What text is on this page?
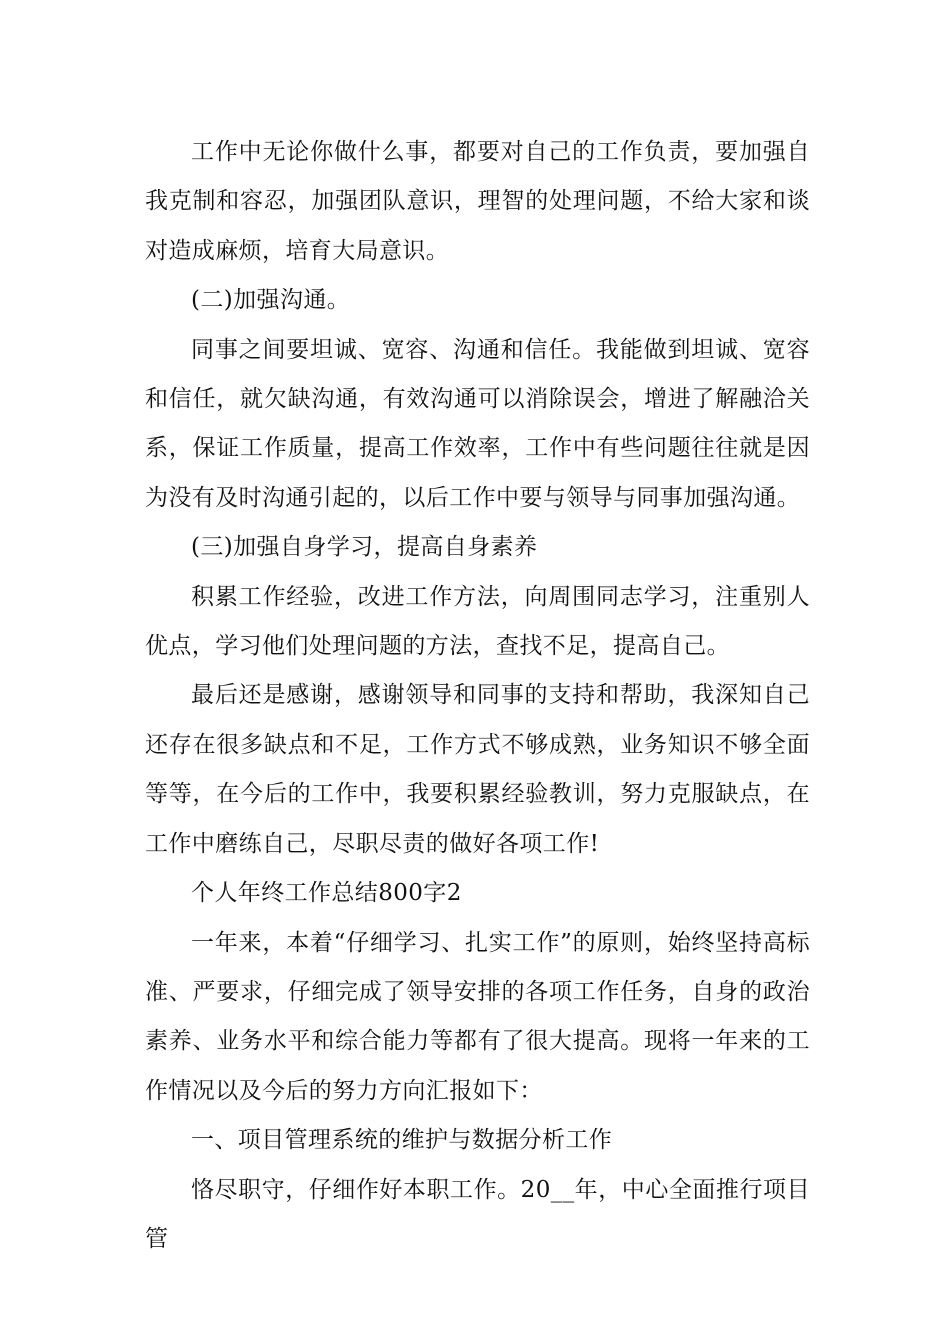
工作中无论你做什么事，都要对自己的工作负责，要加强自我克制和容忍，加强团队意识，理智的处理问题，不给大家和谈对造成麻烦，培育大局意识。

(二)加强沟通。

同事之间要坦诚、宽容、沟通和信任。我能做到坦诚、宽容和信任，就欠缺沟通，有效沟通可以消除误会，增进了解融洽关系，保证工作质量，提高工作效率，工作中有些问题往往就是因为没有及时沟通引起的，以后工作中要与领导与同事加强沟通。

(三)加强自身学习，提高自身素养

积累工作经验，改进工作方法，向周围同志学习，注重别人优点，学习他们处理问题的方法，查找不足，提高自己。

最后还是感谢，感谢领导和同事的支持和帮助，我深知自己还存在很多缺点和不足，工作方式不够成熟，业务知识不够全面等等，在今后的工作中，我要积累经验教训，努力克服缺点，在工作中磨练自己，尽职尽责的做好各项工作!

个人年终工作总结800字2

一年来，本着“仔细学习、扎实工作”的原则，始终坚持高标准、严要求，仔细完成了领导安排的各项工作任务，自身的政治素养、业务水平和综合能力等都有了很大提高。现将一年来的工作情况以及今后的努力方向汇报如下：

一、项目管理系统的维护与数据分析工作

恪尽职守，仔细作好本职工作。20__年，中心全面推行项目管
